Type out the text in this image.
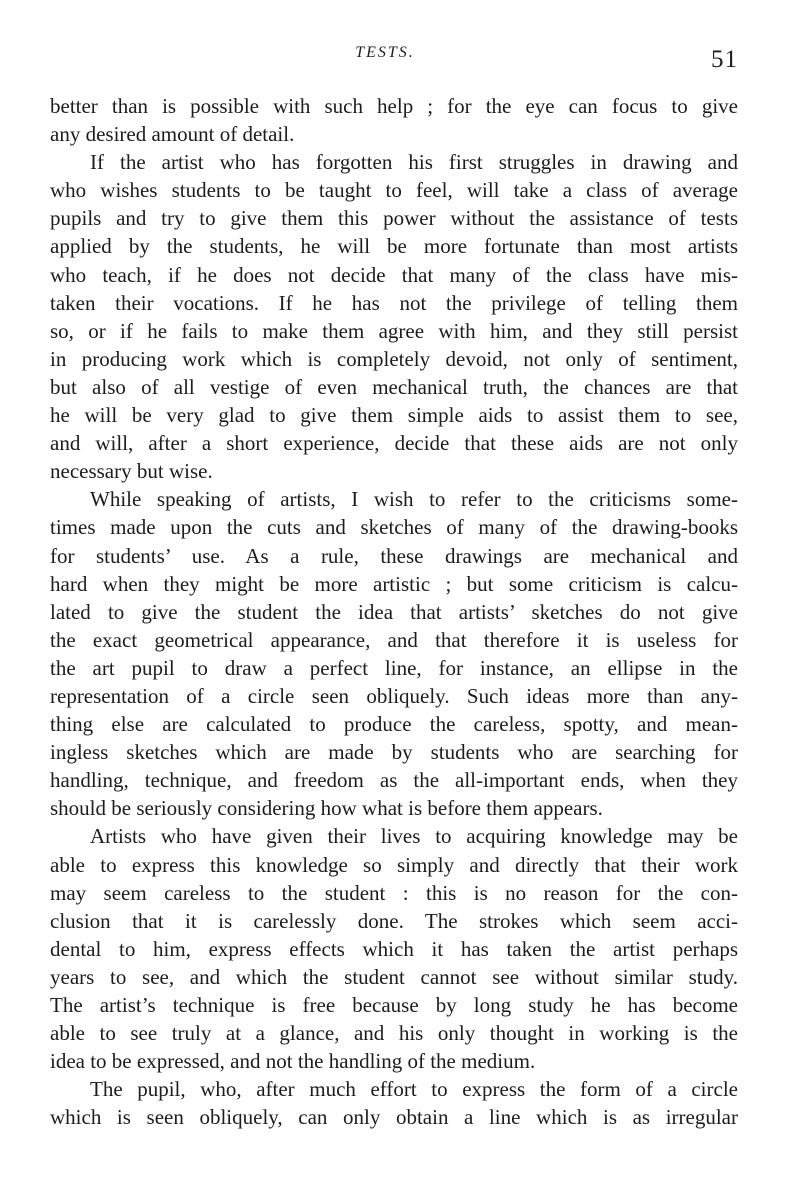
TESTS.	51
better than is possible with such help ; for the eye can focus to give
any desired amount of detail.
If the artist who has forgotten his first struggles in drawing and
who wishes students to be taught to feel, will take a class of average
pupils and try to give them this power without the assistance of tests
applied by the students, he will be more fortunate than most artists
who teach, if he does not decide that many of the class have mis-
taken their vocations. If he has not the privilege of telling them
so, or if he fails to make them agree with him, and they still persist
in producing work which is completely devoid, not only of sentiment,
but also of all vestige of even mechanical truth, the chances are that
he will be very glad to give them simple aids to assist them to see,
and will, after a short experience, decide that these aids are not only
necessary but wise.
While speaking of artists, I wish to refer to the criticisms some-
times made upon the cuts and sketches of many of the drawing-books
for students’ use. As a rule, these drawings are mechanical and
hard when they might be more artistic ; but some criticism is calcu-
lated to give the student the idea that artists’ sketches do not give
the exact geometrical appearance, and that therefore it is useless for
the art pupil to draw a perfect line, for instance, an ellipse in the
representation of a circle seen obliquely. Such ideas more than any-
thing else are calculated to produce the careless, spotty, and mean-
ingless sketches which are made by students who are searching for
handling, technique, and freedom as the all-important ends, when they
should be seriously considering how what is before them appears.
Artists who have given their lives to acquiring knowledge may be
able to express this knowledge so simply and directly that their work
may seem careless to the student : this is no reason for the con-
clusion that it is carelessly done. The strokes which seem acci-
dental to him, express effects which it has taken the artist perhaps
years to see, and which the student cannot see without similar study.
The artist’s technique is free because by long study he has become
able to see truly at a glance, and his only thought in working is the
idea to be expressed, and not the handling of the medium.
The pupil, who, after much effort to express the form of a circle
which is seen obliquely, can only obtain a line which is as irregular
